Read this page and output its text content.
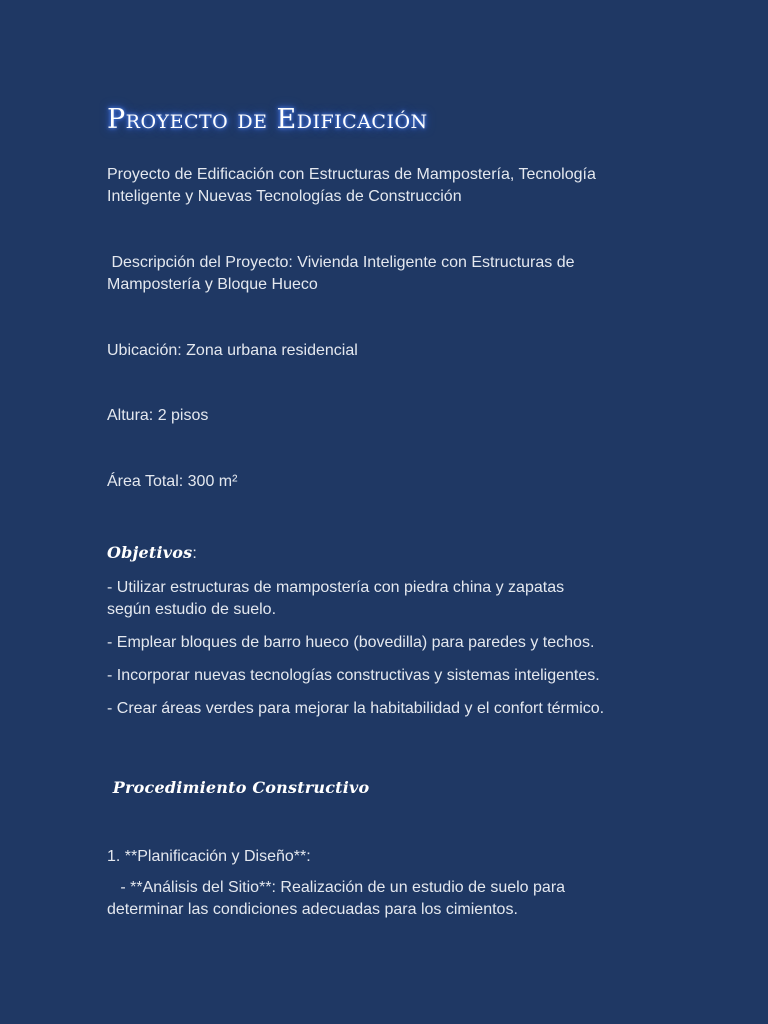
Proyecto de Edificación

Proyecto de Edificación con Estructuras de Mampostería, Tecnología
Inteligente y Nuevas Tecnologías de Construcción

Descripción del Proyecto: Vivienda Inteligente con Estructuras de
Mampostería y Bloque Hueco

Ubicación: Zona urbana residencial

Altura: 2 pisos

Área Total: 300 m²

Objetivos:

- Utilizar estructuras de mampostería con piedra china y zapatas
según estudio de suelo.

- Emplear bloques de barro hueco (bovedilla) para paredes y techos.

- Incorporar nuevas tecnologías constructivas y sistemas inteligentes.

- Crear áreas verdes para mejorar la habitabilidad y el confort térmico.

Procedimiento Constructivo

1. **Planificación y Diseño**:

- **Análisis del Sitio**: Realización de un estudio de suelo para
determinar las condiciones adecuadas para los cimientos.
